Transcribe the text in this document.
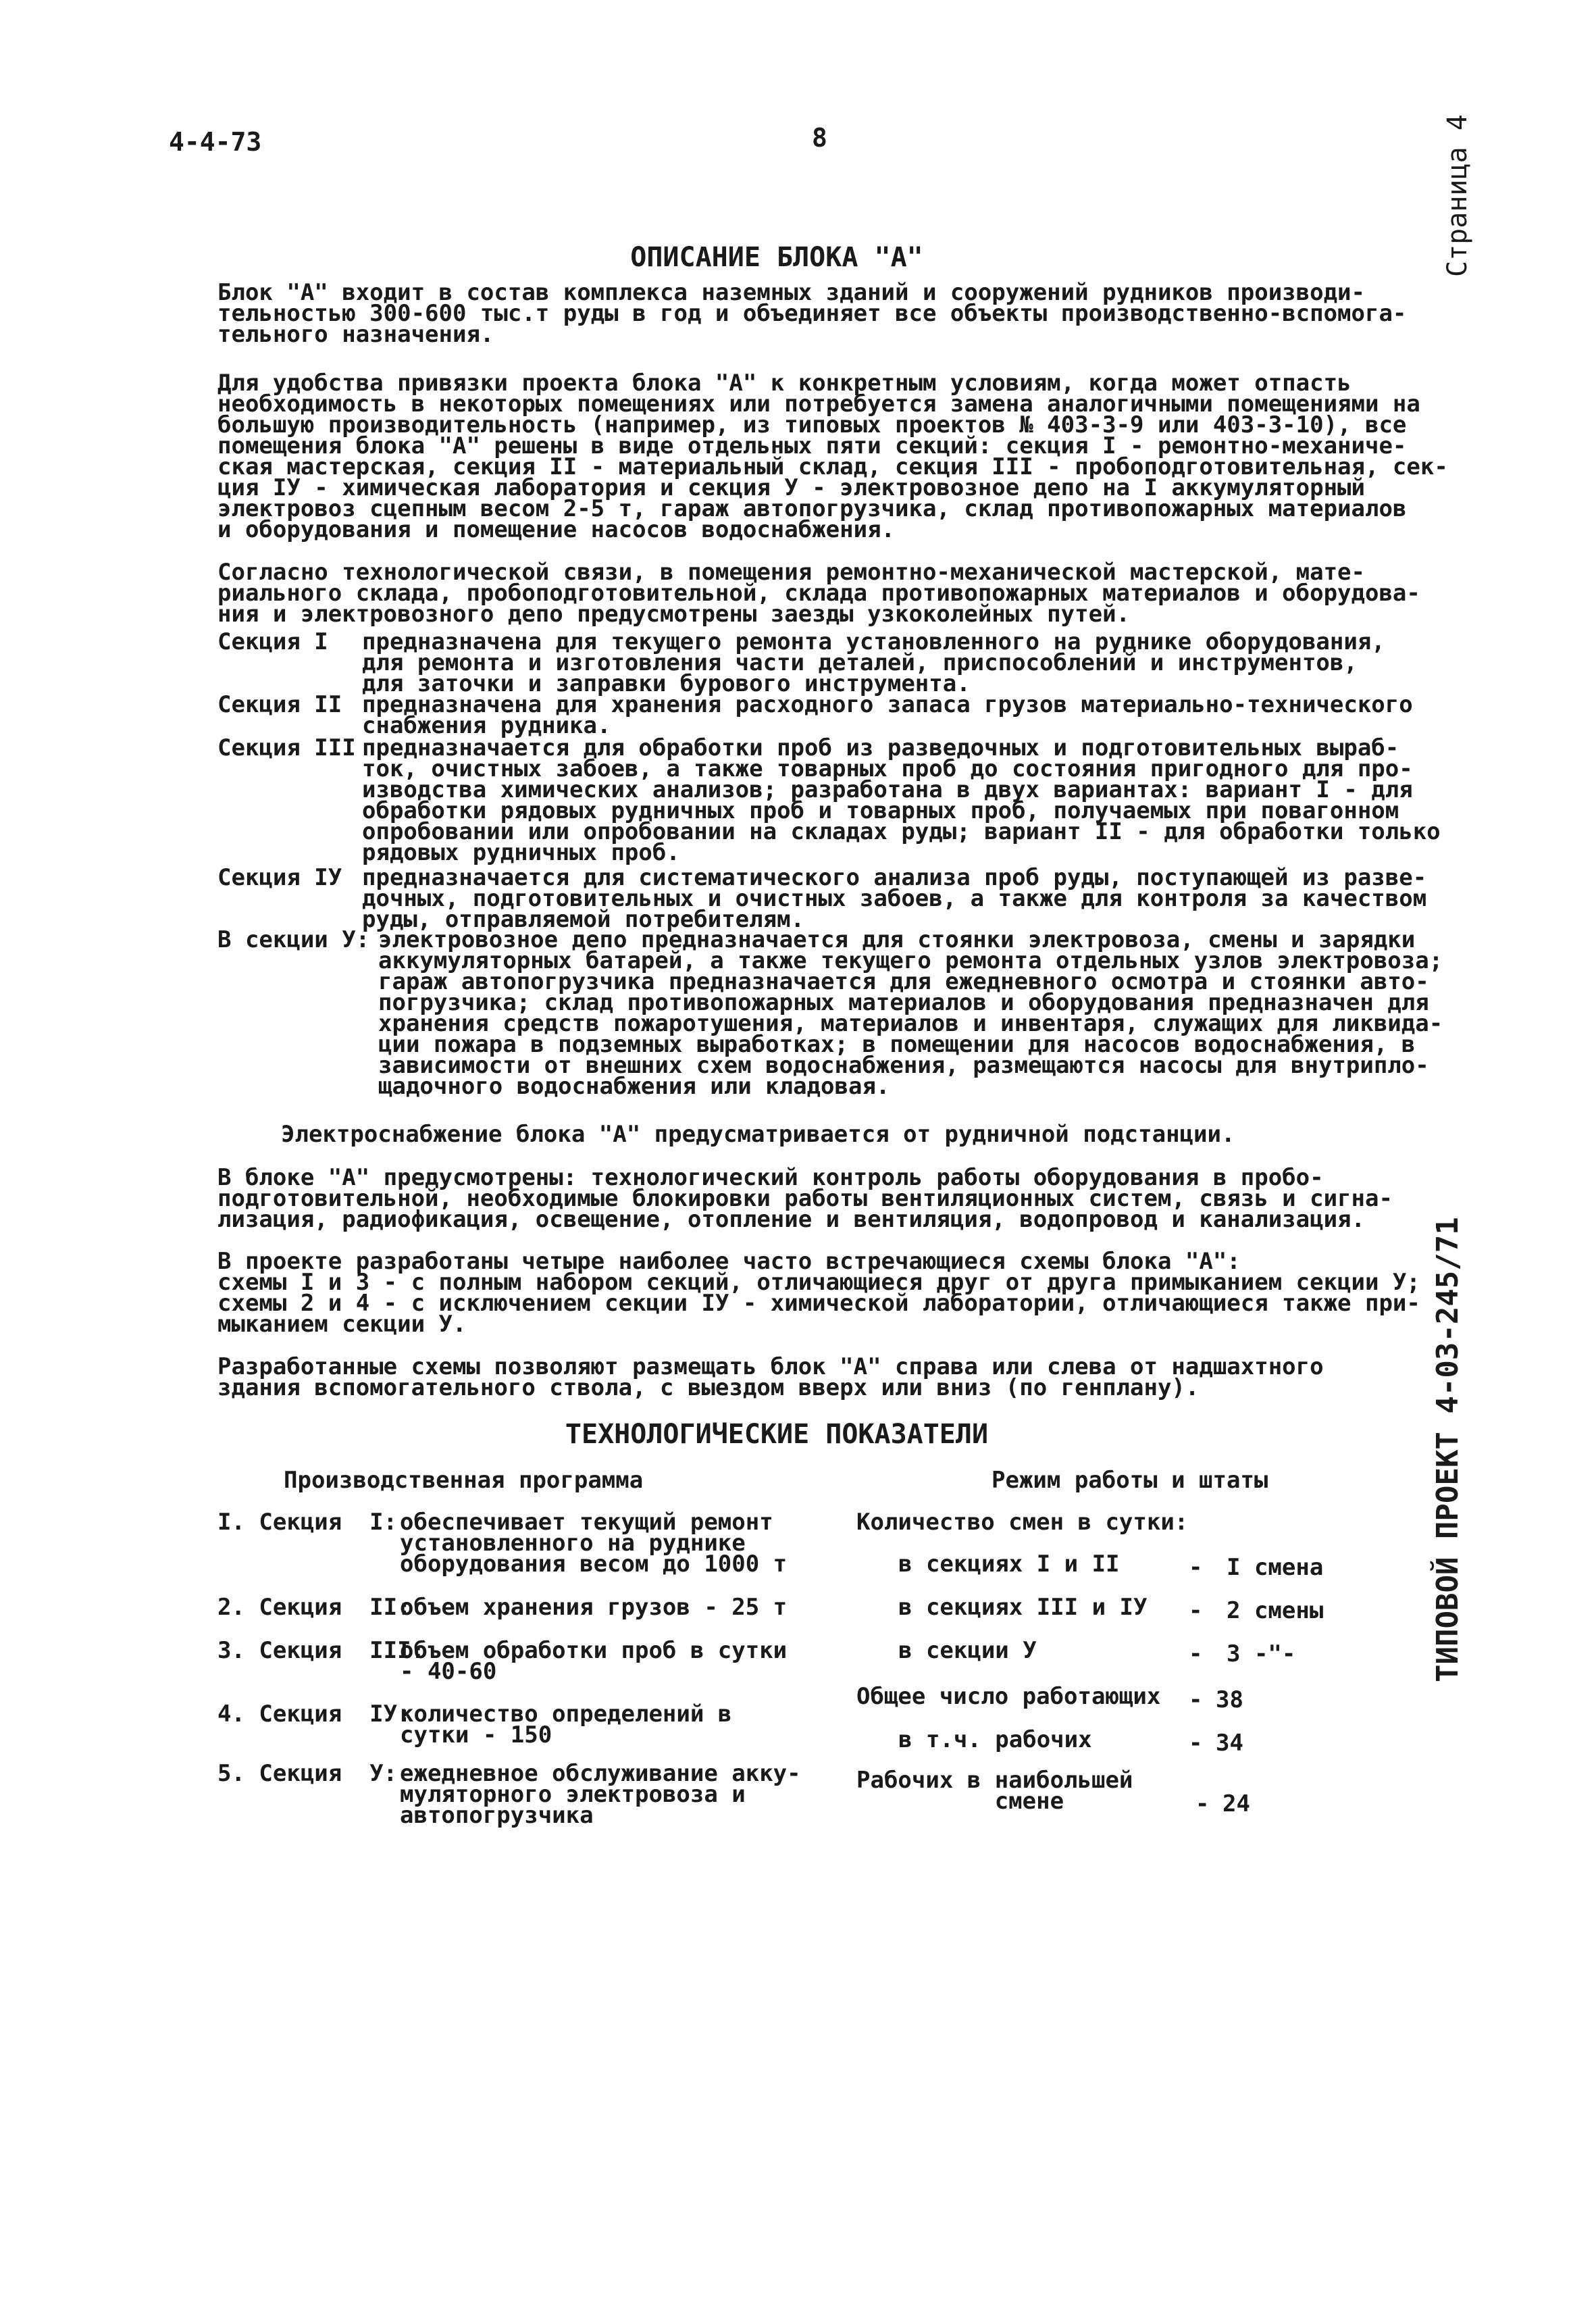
4-4-73	8	Страница 4
ТИПОВОЙ ПРОЕКТ 4-03-245/71
ОПИСАНИЕ БЛОКА "А"
Блок "А" входит в состав комплекса наземных зданий и сооружений рудников производи-
тельностью 300-600 тыс.т руды в год и объединяет все объекты производственно-вспомога-
тельного назначения.
Для удобства привязки проекта блока "А" к конкретным условиям, когда может отпасть
необходимость в некоторых помещениях или потребуется замена аналогичными помещениями на
большую производительность (например, из типовых проектов № 403-3-9 или 403-3-10), все
помещения блока "А" решены в виде отдельных пяти секций: секция I - ремонтно-механиче-
ская мастерская, секция II - материальный склад, секция III - пробоподготовительная, сек-
ция IУ - химическая лаборатория и секция У - электровозное депо на I аккумуляторный
электровоз сцепным весом 2-5 т, гараж автопогрузчика, склад противопожарных материалов
и оборудования и помещение насосов водоснабжения.
Согласно технологической связи, в помещения ремонтно-механической мастерской, мате-
риального склада, пробоподготовительной, склада противопожарных материалов и оборудова-
ния и электровозного депо предусмотрены заезды узкоколейных путей.
Секция I предназначена для текущего ремонта установленного на руднике оборудования,
для ремонта и изготовления части деталей, приспособлений и инструментов,
для заточки и заправки бурового инструмента.
Секция II предназначена для хранения расходного запаса грузов материально-технического
снабжения рудника.
Секция III предназначается для обработки проб из разведочных и подготовительных выраб-
ток, очистных забоев, а также товарных проб до состояния пригодного для про-
изводства химических анализов; разработана в двух вариантах: вариант I - для
обработки рядовых рудничных проб и товарных проб, получаемых при повагонном
опробовании или опробовании на складах руды; вариант II - для обработки только
рядовых рудничных проб.
Секция IУ предназначается для систематического анализа проб руды, поступающей из разве-
дочных, подготовительных и очистных забоев, а также для контроля за качеством
руды, отправляемой потребителям.
В секции У: электровозное депо предназначается для стоянки электровоза, смены и зарядки
аккумуляторных батарей, а также текущего ремонта отдельных узлов электровоза;
гараж автопогрузчика предназначается для ежедневного осмотра и стоянки авто-
погрузчика; склад противопожарных материалов и оборудования предназначен для
хранения средств пожаротушения, материалов и инвентаря, служащих для ликвида-
ции пожара в подземных выработках; в помещении для насосов водоснабжения, в
зависимости от внешних схем водоснабжения, размещаются насосы для внутрипло-
щадочного водоснабжения или кладовая.
Электроснабжение блока "А" предусматривается от рудничной подстанции.
В блоке "А" предусмотрены: технологический контроль работы оборудования в пробо-
подготовительной, необходимые блокировки работы вентиляционных систем, связь и сигна-
лизация, радиофикация, освещение, отопление и вентиляция, водопровод и канализация.
В проекте разработаны четыре наиболее часто встречающиеся схемы блока "А":
схемы I и 3 - с полным набором секций, отличающиеся друг от друга примыканием секции У;
схемы 2 и 4 - с исключением секции IУ - химической лаборатории, отличающиеся также при-
мыканием секции У.
Разработанные схемы позволяют размещать блок "А" справа или слева от надшахтного
здания вспомогательного ствола, с выездом вверх или вниз (по генплану).
ТЕХНОЛОГИЧЕСКИЕ ПОКАЗАТЕЛИ
Производственная программа	Режим работы и штаты
I. Секция  I: обеспечивает текущий ремонт
установленного на руднике
оборудования весом до 1000 т
2. Секция  II:
объем хранения грузов - 25 т
3. Секция  III:
объем обработки проб в сутки
- 40-60
4. Секция  IУ:
количество определений в
сутки - 150
5. Секция  У: ежедневное обслуживание акку-
муляторного электровоза и
автопогрузчика
Количество смен в сутки:
в секциях I и II	- I смена
в секциях III и IУ - 2 смены
в секции У	- 3 -"-
Общее число работающих - 38
в т.ч. рабочих	- 34
Рабочих в наибольшей
смене	- 24
